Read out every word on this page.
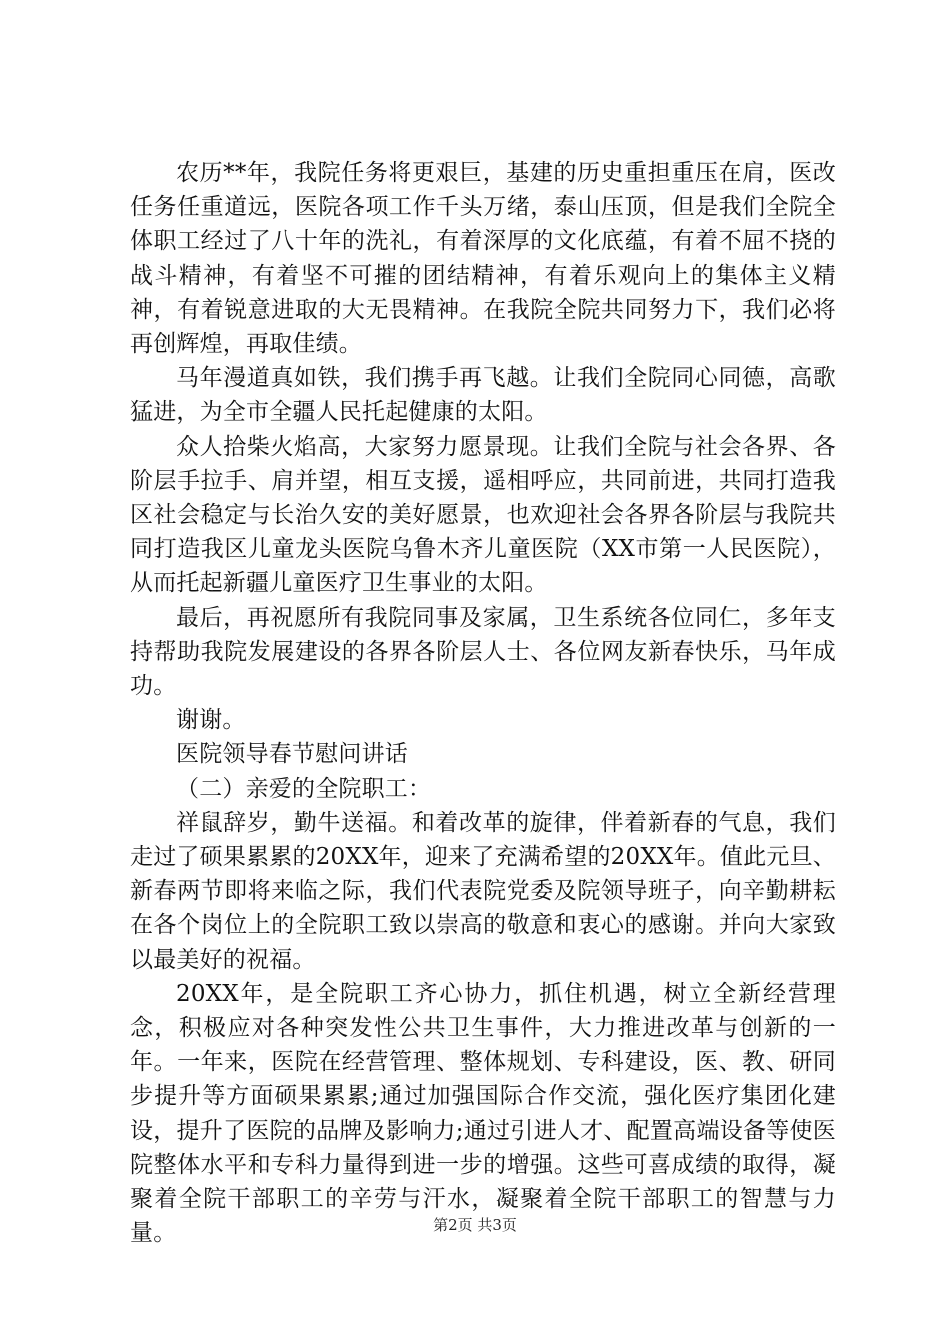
农历**年，我院任务将更艰巨，基建的历史重担重压在肩，医改任务任重道远，医院各项工作千头万绪，泰山压顶，但是我们全院全体职工经过了八十年的洗礼，有着深厚的文化底蕴，有着不屈不挠的战斗精神，有着坚不可摧的团结精神，有着乐观向上的集体主义精神，有着锐意进取的大无畏精神。在我院全院共同努力下，我们必将再创辉煌，再取佳绩。

马年漫道真如铁，我们携手再飞越。让我们全院同心同德，高歌猛进，为全市全疆人民托起健康的太阳。

众人拾柴火焰高，大家努力愿景现。让我们全院与社会各界、各阶层手拉手、肩并望，相互支援，遥相呼应，共同前进，共同打造我区社会稳定与长治久安的美好愿景，也欢迎社会各界各阶层与我院共同打造我区儿童龙头医院乌鲁木齐儿童医院（XX市第一人民医院），从而托起新疆儿童医疗卫生事业的太阳。

最后，再祝愿所有我院同事及家属，卫生系统各位同仁，多年支持帮助我院发展建设的各界各阶层人士、各位网友新春快乐，马年成功。

谢谢。

医院领导春节慰问讲话

（二）亲爱的全院职工：

祥鼠辞岁，勤牛送福。和着改革的旋律，伴着新春的气息，我们走过了硕果累累的20XX年，迎来了充满希望的20XX年。值此元旦、新春两节即将来临之际，我们代表院党委及院领导班子，向辛勤耕耘在各个岗位上的全院职工致以崇高的敬意和衷心的感谢。并向大家致以最美好的祝福。

20XX年，是全院职工齐心协力，抓住机遇，树立全新经营理念，积极应对各种突发性公共卫生事件，大力推进改革与创新的一年。一年来，医院在经营管理、整体规划、专科建设，医、教、研同步提升等方面硕果累累;通过加强国际合作交流，强化医疗集团化建设，提升了医院的品牌及影响力;通过引进人才、配置高端设备等使医院整体水平和专科力量得到进一步的增强。这些可喜成绩的取得，凝聚着全院干部职工的辛劳与汗水，凝聚着全院干部职工的智慧与力量。	第2页 共3页
